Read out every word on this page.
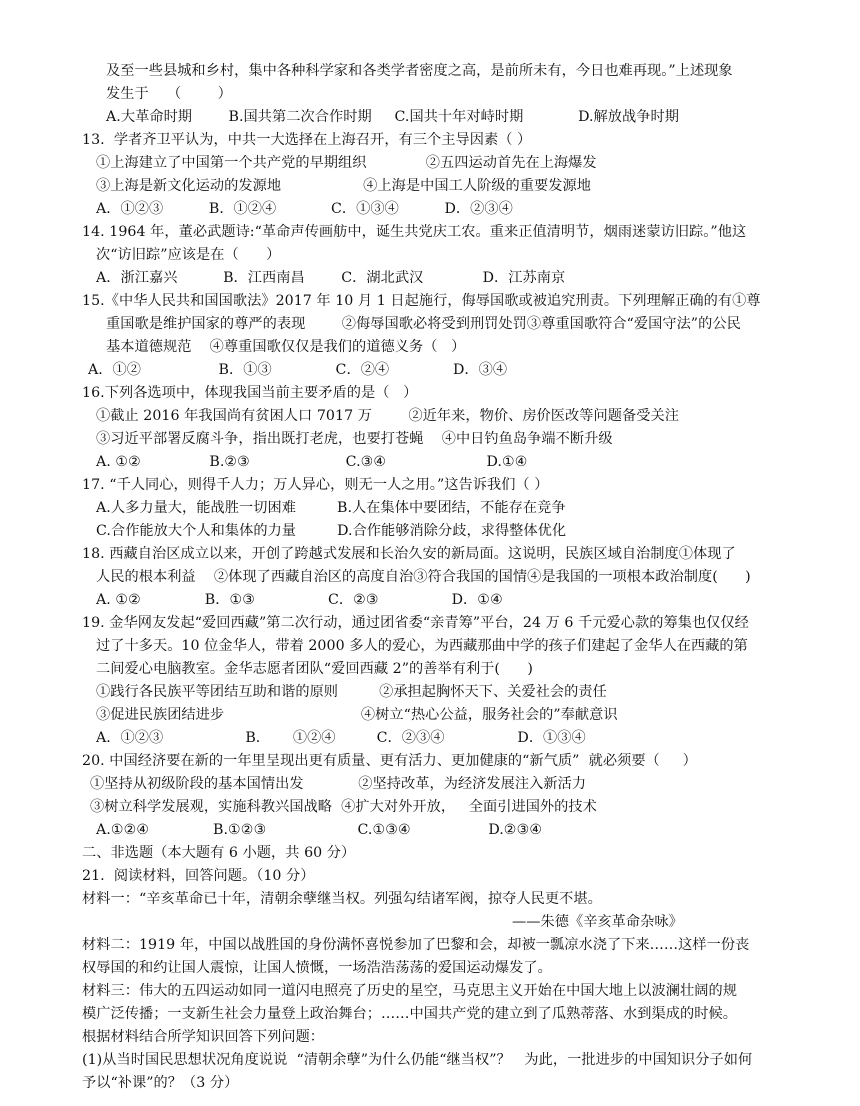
及至一些县城和乡村，集中各种科学家和各类学者密度之高，是前所未有，今日也难再现。”上述现象
发生于    （        ）
A.大革命时期        B.国共第二次合作时期     C.国共十年对峙时期            D.解放战争时期
13.  学者齐卫平认为，中共一大选择在上海召开，有三个主导因素（ ）
①上海建立了中国第一个共产党的早期组织             ②五四运动首先在上海爆发
③上海是新文化运动的发源地                  ④上海是中国工人阶级的重要发源地
A．①②③          B．①②④            C．①③④          D．②③④
14. 1964 年，董必武题诗:“革命声传画舫中，诞生共党庆工农。重来正值清明节，烟雨迷蒙访旧踪。”他这
次“访旧踪”应该是在（      ）
A．浙江嘉兴          B．江西南昌        C．湖北武汉             D．江苏南京
15.《中华人民共和国国歌法》2017 年 10 月 1 日起施行，侮辱国歌或被追究刑责。下列理解正确的有①尊
重国歌是维护国家的尊严的表现        ②侮辱国歌必将受到刑罚处罚③尊重国歌符合“爱国守法”的公民
基本道德规范    ④尊重国歌仅仅是我们的道德义务（   ）
A．①②                 B．①③              C．②④              D．③④
16.下列各选项中，体现我国当前主要矛盾的是（   ）
①截止 2016 年我国尚有贫困人口 7017 万        ②近年来，物价、房价医改等问题备受关注
③习近平部署反腐斗争，指出既打老虎，也要打苍蝇    ④中日钓鱼岛争端不断升级
A. ①②               B.②③                     C.③④                      D.①④
17. “千人同心，则得千人力；万人异心，则无一人之用。”这告诉我们（ ）
A.人多力量大，能战胜一切困难         B.人在集体中要团结，不能存在竞争
C.合作能放大个人和集体的力量         D.合作能够消除分歧，求得整体优化
18. 西藏自治区成立以来，开创了跨越式发展和长治久安的新局面。这说明，民族区域自治制度①体现了
人民的根本利益    ②体现了西藏自治区的高度自治③符合我国的国情④是我国的一项根本政治制度(      )
A. ①②              B．①③                C．②③                D．①④
19. 金华网友发起“爱回西藏”第二次行动，通过团省委“亲青筹”平台，24 万 6 千元爱心款的筹集也仅仅经
过了十多天。10 位金华人，带着 2000 多人的爱心，为西藏那曲中学的孩子们建起了金华人在西藏的第
二间爱心电脑教室。金华志愿者团队“爱回西藏 2”的善举有利于(      )
①践行各民族平等团结互助和谐的原则         ②承担起胸怀天下、关爱社会的责任
③促进民族团结进步                              ④树立“热心公益，服务社会的”奉献意识
A．①②③                  B．     ①②④         C．②③④                D．①③④
20. 中国经济要在新的一年里呈现出更有质量、更有活力、更加健康的“新气质”  就必须要（     ）
①坚持从初级阶段的基本国情出发            ②坚持改革，为经济发展注入新活力
③树立科学发展观，实施科教兴国战略  ④扩大对外开放，   全面引进国外的技术
A.①②④              B.①②③                    C.①③④                 D.②③④
二、非选题（本大题有 6 小题，共 60 分）
21.  阅读材料，回答问题。（10 分）
材料一：“辛亥革命已十年，清朝余孽继当权。列强勾结诸军阀，掠夺人民更不堪。
——朱德《辛亥革命杂咏》
材料二：1919 年，中国以战胜国的身份满怀喜悦参加了巴黎和会，却被一瓢凉水浇了下来……这样一份丧
权辱国的和约让国人震惊，让国人愤慨，一场浩浩荡荡的爱国运动爆发了。
材料三：伟大的五四运动如同一道闪电照亮了历史的星空，马克思主义开始在中国大地上以波澜壮阔的规
模广泛传播；一支新生社会力量登上政治舞台；……中国共产党的建立到了瓜熟蒂落、水到渠成的时候。
根据材料结合所学知识回答下列问题：
(1)从当时国民思想状况角度说说  “清朝余孽”为什么仍能“继当权”？   为此，一批进步的中国知识分子如何
予以“补课”的？（3 分）
